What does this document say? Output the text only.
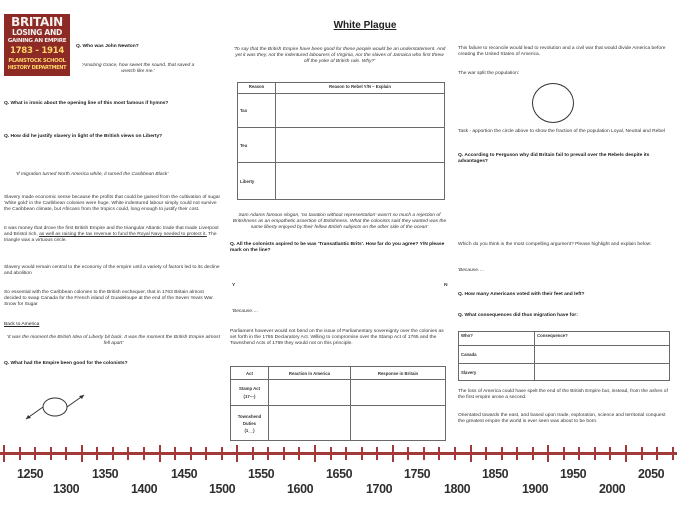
White Plague
BRITAIN
LOSING AND
GAINING AN EMPIRE
1783 - 1914
PLANSTOCK SCHOOL
HISTORY DEPARTMENT
Q. Who was John Newton?
'Amazing Grace, how sweet the sound, that saved a wretch like me.'
Q. What is ironic about the opening line of this most famous if hymns?
Q. How did he justify slavery in light of the British views on Liberty?
'If migration turned North America white, it turned the Caribbean Black'
Slavery made economic sense because the profits that could be gained from the cultivation of sugar 'white gold' in the Caribbean colonies were huge. White indentured labour simply could not survive the Caribbean climate, but Africans from the tropics could, long enough to justify their cost.
It was money that drove the first British Empire and the triangular Atlantic trade that made Liverpool and Bristol rich, as well as raising the tax revenue to fund the Royal Navy needed to protect it. The triangle was a virtuous circle.
Slavery would remain central to the economy of the empire until a variety of factors led to its decline and abolition
So essential with the Caribbean colonies to the British exchequer, that in 1763 Britain almost decided to swap Canada for the French island of Guadeloupe at the end of the Seven Years War. Snow for Sugar
Back to America
'It was the moment the British Idea of Liberty bit back. It was the moment the British Empire almost fell apart'
Q. What had the Empire been good for the colonists?
'To say that the British Empire have been good for these people would be an understatement. And yet it was they, not the indentured labourers of Virginia, nor the slaves of Jamaica who first threw off the yoke of British rule. Why?'
Reason	Reason to Rebel Y/N – Explain
Tax	
Tea	
Liberty	
Sam Adams famous slogan, 'no taxation without representation' wasn't so much a rejection of Britishness as an empathetic assertion of Britishness. What the colonists said they wanted was the same liberty enjoyed by their fellow British subjects on the other side of the ocean'
Q. All the colonists aspired to be was 'Transatlantic Brits'. How far do you agree? Y/N please mark on the line?
Y	N
'Because….
Parliament however would not bend on the issue of Parliamentary sovereignty over the colonies as set forth in the 1765 Declaratory Act. Willing to compromise over the Stamp Act of 1765 and the Townshend Acts of 1769 they would not on this principle.
Act	Reaction in America	Response in Britain

Stamp Act
(17---)		

Townshend
Duties
(1__)		

This failure to reconcile would lead to revolution and a civil war that would divide America before creating the United States of America.
The war split the population:
Task - apportion the circle above to show the fraction of the population Loyal, Neutral and Rebel
Q. According to Ferguson why did Britain fail to prevail over the Rebels despite its advantages?
Which do you think is the most compelling argument? Please highlight and explain below:
'Because….
Q. How many Americans voted with their feet and left?
Q. What consequences did thus migration have for:
Who?	Consequence?
Canada	
Slavery	
The loss of America could have spelt the end of the British Empire but, instead, from the ashes of the first empire arose a second.
Orientated towards the east, and based upon trade, exploration, science and territorial conquest the greatest empire the world is ever seen was about to be born.
1250	1350	1450	1550	1650	1750	1850	1950	2050
1300	1400	1500	1600	1700	1800	1900	2000
